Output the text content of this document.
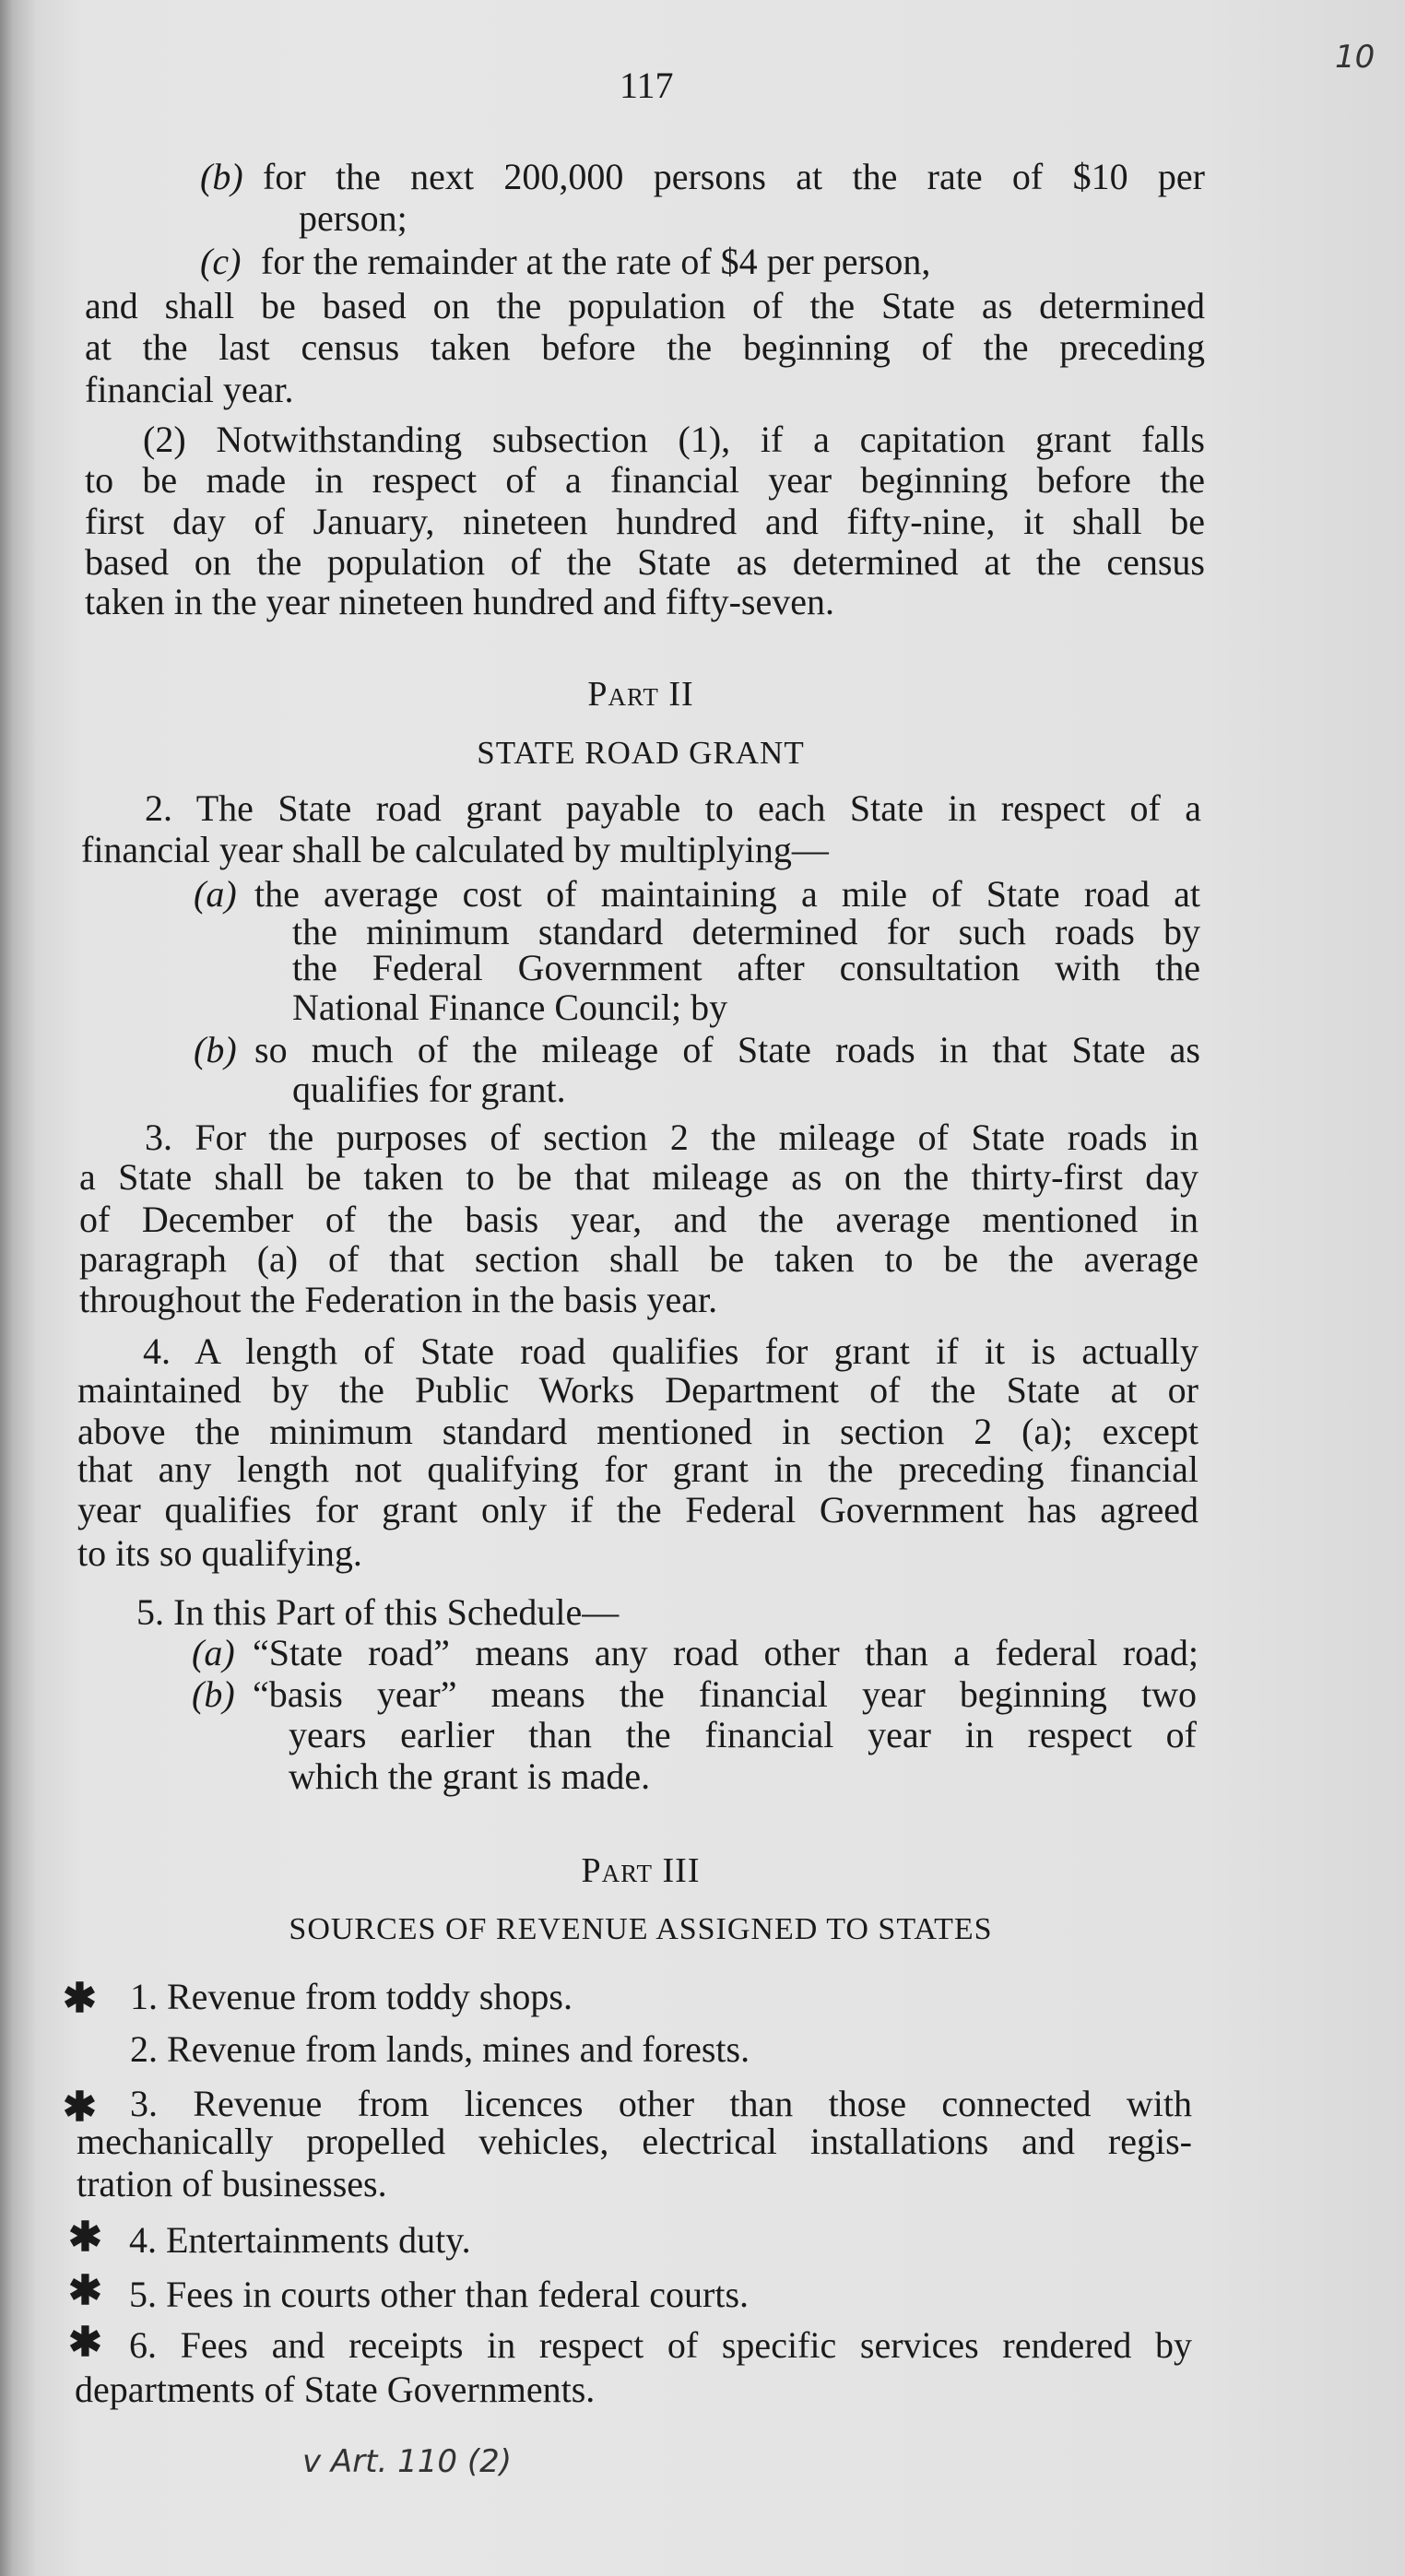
117
10
(b) for the next 200,000 persons at the rate of $10 per
person;
(c) for the remainder at the rate of $4 per person,
and shall be based on the population of the State as determined
at the last census taken before the beginning of the preceding
financial year.
(2) Notwithstanding subsection (1), if a capitation grant falls
to be made in respect of a financial year beginning before the
first day of January, nineteen hundred and fifty-nine, it shall be
based on the population of the State as determined at the census
taken in the year nineteen hundred and fifty-seven.
Part II
STATE ROAD GRANT
2. The State road grant payable to each State in respect of a
financial year shall be calculated by multiplying—
(a) the average cost of maintaining a mile of State road at
the minimum standard determined for such roads by
the Federal Government after consultation with the
National Finance Council; by
(b) so much of the mileage of State roads in that State as
qualifies for grant.
3. For the purposes of section 2 the mileage of State roads in
a State shall be taken to be that mileage as on the thirty-first day
of December of the basis year, and the average mentioned in
paragraph (a) of that section shall be taken to be the average
throughout the Federation in the basis year.
4. A length of State road qualifies for grant if it is actually
maintained by the Public Works Department of the State at or
above the minimum standard mentioned in section 2 (a); except
that any length not qualifying for grant in the preceding financial
year qualifies for grant only if the Federal Government has agreed
to its so qualifying.
5. In this Part of this Schedule—
(a) “State road” means any road other than a federal road;
(b) “basis year” means the financial year beginning two
years earlier than the financial year in respect of
which the grant is made.
Part III
SOURCES OF REVENUE ASSIGNED TO STATES
✱ 1. Revenue from toddy shops.
2. Revenue from lands, mines and forests.
✱ 3. Revenue from licences other than those connected with
mechanically propelled vehicles, electrical installations and regis-
tration of businesses.
✱ 4. Entertainments duty.
✱ 5. Fees in courts other than federal courts.
✱ 6. Fees and receipts in respect of specific services rendered by
departments of State Governments.
v Art. 110 (2)
